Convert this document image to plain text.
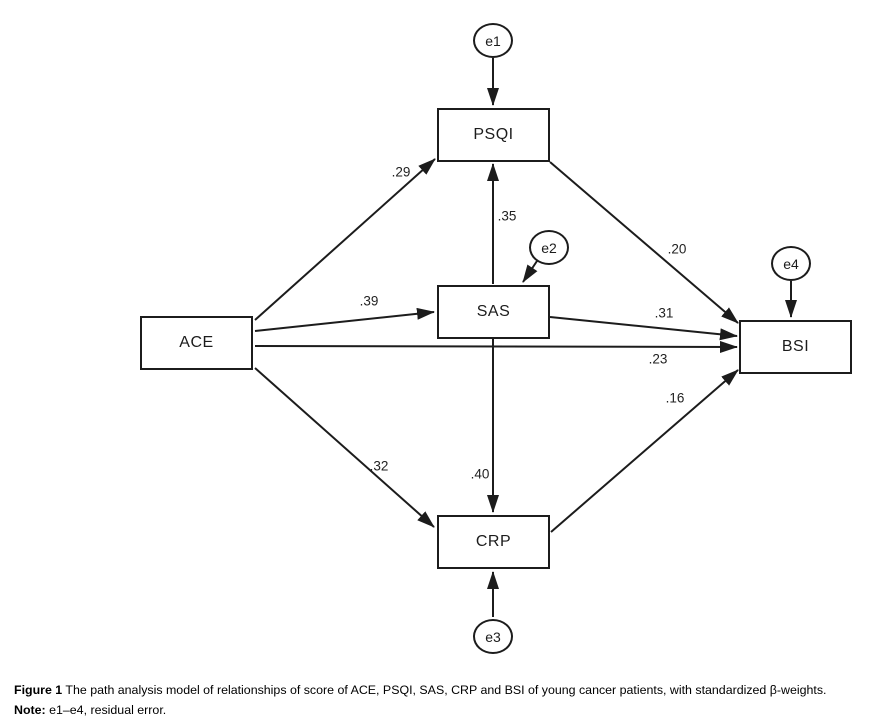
ACE
PSQI
SAS
CRP
BSI
e1
e2
e3
e4
.29
.39
.23
.32
.35
.40
.20
.31
.16
Figure 1 The path analysis model of relationships of score of ACE, PSQI, SAS, CRP and BSI of young cancer patients, with standardized β-weights.
Note: e1–e4, residual error.
